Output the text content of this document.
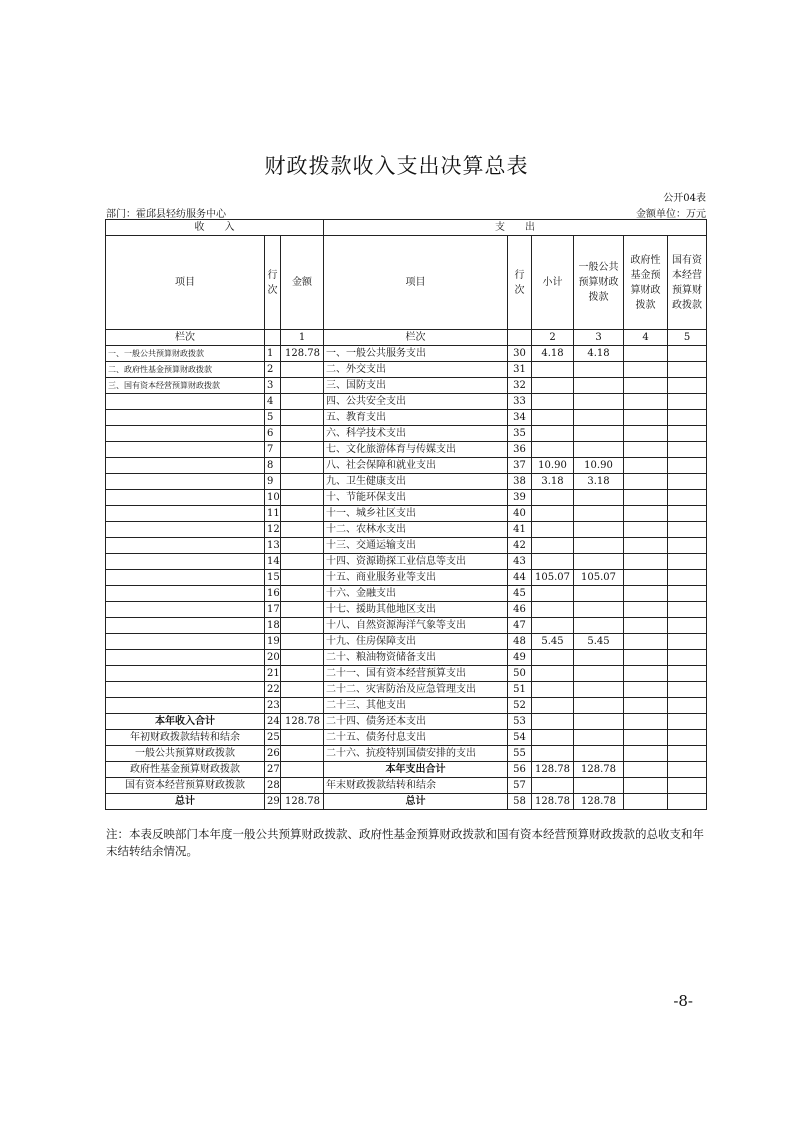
财政拨款收入支出决算总表
公开04表
部门：霍邱县轻纺服务中心	金额单位：万元
收　　入			支　　出					
项目	行次	金额	项目	行次	小计	一般公共预算财政拨款	政府性基金预算财政拨款	国有资本经营预算财政拨款
栏次		1	栏次		2	3	4	5
一、一般公共预算财政拨款	1	128.78	一、一般公共服务支出	30	4.18	4.18		
二、政府性基金预算财政拨款	2		二、外交支出	31				
三、国有资本经营预算财政拨款	3		三、国防支出	32				
	4		四、公共安全支出	33				
	5		五、教育支出	34				
	6		六、科学技术支出	35				
	7		七、文化旅游体育与传媒支出	36				
	8		八、社会保障和就业支出	37	10.90	10.90		
	9		九、卫生健康支出	38	3.18	3.18		
	10		十、节能环保支出	39				
	11		十一、城乡社区支出	40				
	12		十二、农林水支出	41				
	13		十三、交通运输支出	42				
	14		十四、资源勘探工业信息等支出	43				
	15		十五、商业服务业等支出	44	105.07	105.07		
	16		十六、金融支出	45				
	17		十七、援助其他地区支出	46				
	18		十八、自然资源海洋气象等支出	47				
	19		十九、住房保障支出	48	5.45	5.45		
	20		二十、粮油物资储备支出	49				
	21		二十一、国有资本经营预算支出	50				
	22		二十二、灾害防治及应急管理支出	51				
	23		二十三、其他支出	52				
本年收入合计	24	128.78	二十四、债务还本支出	53				
年初财政拨款结转和结余	25		二十五、债务付息支出	54				
一般公共预算财政拨款	26		二十六、抗疫特别国债安排的支出	55				
政府性基金预算财政拨款	27		本年支出合计	56	128.78	128.78		
国有资本经营预算财政拨款	28		年末财政拨款结转和结余	57				
总计	29	128.78	总计	58	128.78	128.78		
注：本表反映部门本年度一般公共预算财政拨款、政府性基金预算财政拨款和国有资本经营预算财政拨款的总收支和年末结转结余情况。
-8-
